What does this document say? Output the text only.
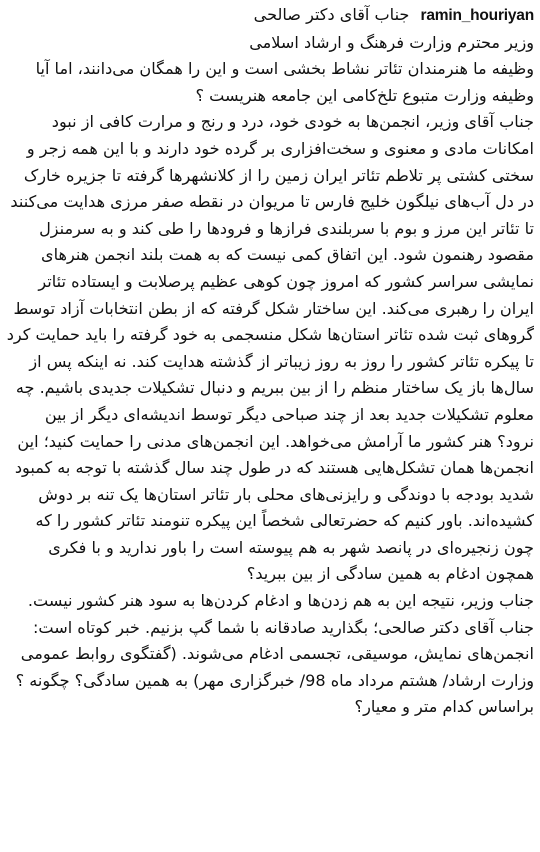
ramin_houriyan جناب آقای دکتر صالحی

وزیر محترم وزارت فرهنگ و ارشاد اسلامی

وظیفه ما هنرمندان تئاتر نشاط بخشی است و این را همگان می‌دانند، اما آیا وظیفه وزارت متبوع تلخ‌کامی این جامعه هنریست ؟

جناب آقای وزیر، انجمن‌ها به خودی خود، درد و رنج و مرارت کافی از نبود امکانات مادی و معنوی و سخت‌افزاری بر گرده خود دارند و با این همه زجر و سختی کشتی پر تلاطم تئاتر ایران زمین را از کلانشهرها گرفته تا جزیره خارک در دل آب‌های نیلگون خلیج فارس تا مریوان در نقطه صفر مرزی هدایت می‌کنند تا تئاتر این مرز و بوم با سربلندی فرازها و فرودها را طی کند و به سرمنزل مقصود رهنمون شود. این اتفاق کمی نیست که به همت بلند انجمن هنرهای نمایشی سراسر کشور که امروز چون کوهی عظیم پرصلابت و ایستاده تئاتر ایران را رهبری می‌کند. این ساختار شکل گرفته که از بطن انتخابات آزاد توسط گروهای ثبت شده تئاتر استان‌ها شکل منسجمی به خود گرفته را باید حمایت کرد تا پیکره تئاتر کشور را روز به روز زیباتر از گذشته هدایت کند. نه اینکه پس از سال‌ها باز یک ساختار منظم را از بین ببریم و دنبال تشکیلات جدیدی باشیم. چه معلوم تشکیلات جدید بعد از چند صباحی دیگر توسط اندیشه‌ای دیگر از بین نرود؟ هنر کشور ما آرامش می‌خواهد. این انجمن‌های مدنی را حمایت کنید؛ این انجمن‌ها همان تشکل‌هایی هستند که در طول چند سال گذشته با توجه به کمبود شدید بودجه با دوندگی و رایزنی‌های محلی بار تئاتر استان‌ها یک تنه بر دوش کشیده‌اند. باور کنیم که حضرتعالی شخصاً این پیکره تنومند تئاتر کشور را که چون زنجیره‌ای در پانصد شهر به هم پیوسته است را باور ندارید و با فکری همچون ادغام به همین سادگی از بین ببرید؟

جناب وزیر، نتیجه این به هم زدن‌ها و ادغام کردن‌ها به سود هنر کشور نیست. جناب آقای دکتر صالحی؛ بگذارید صادقانه با شما گپ بزنیم. خبر کوتاه است: انجمن‌های نمایش، موسیقی، تجسمی ادغام می‌شوند. (گفتگوی روابط عمومی وزارت ارشاد/ هشتم مرداد ماه 98/ خبرگزاری مهر) به همین سادگی؟ چگونه ؟ براساس کدام متر و معیار؟
